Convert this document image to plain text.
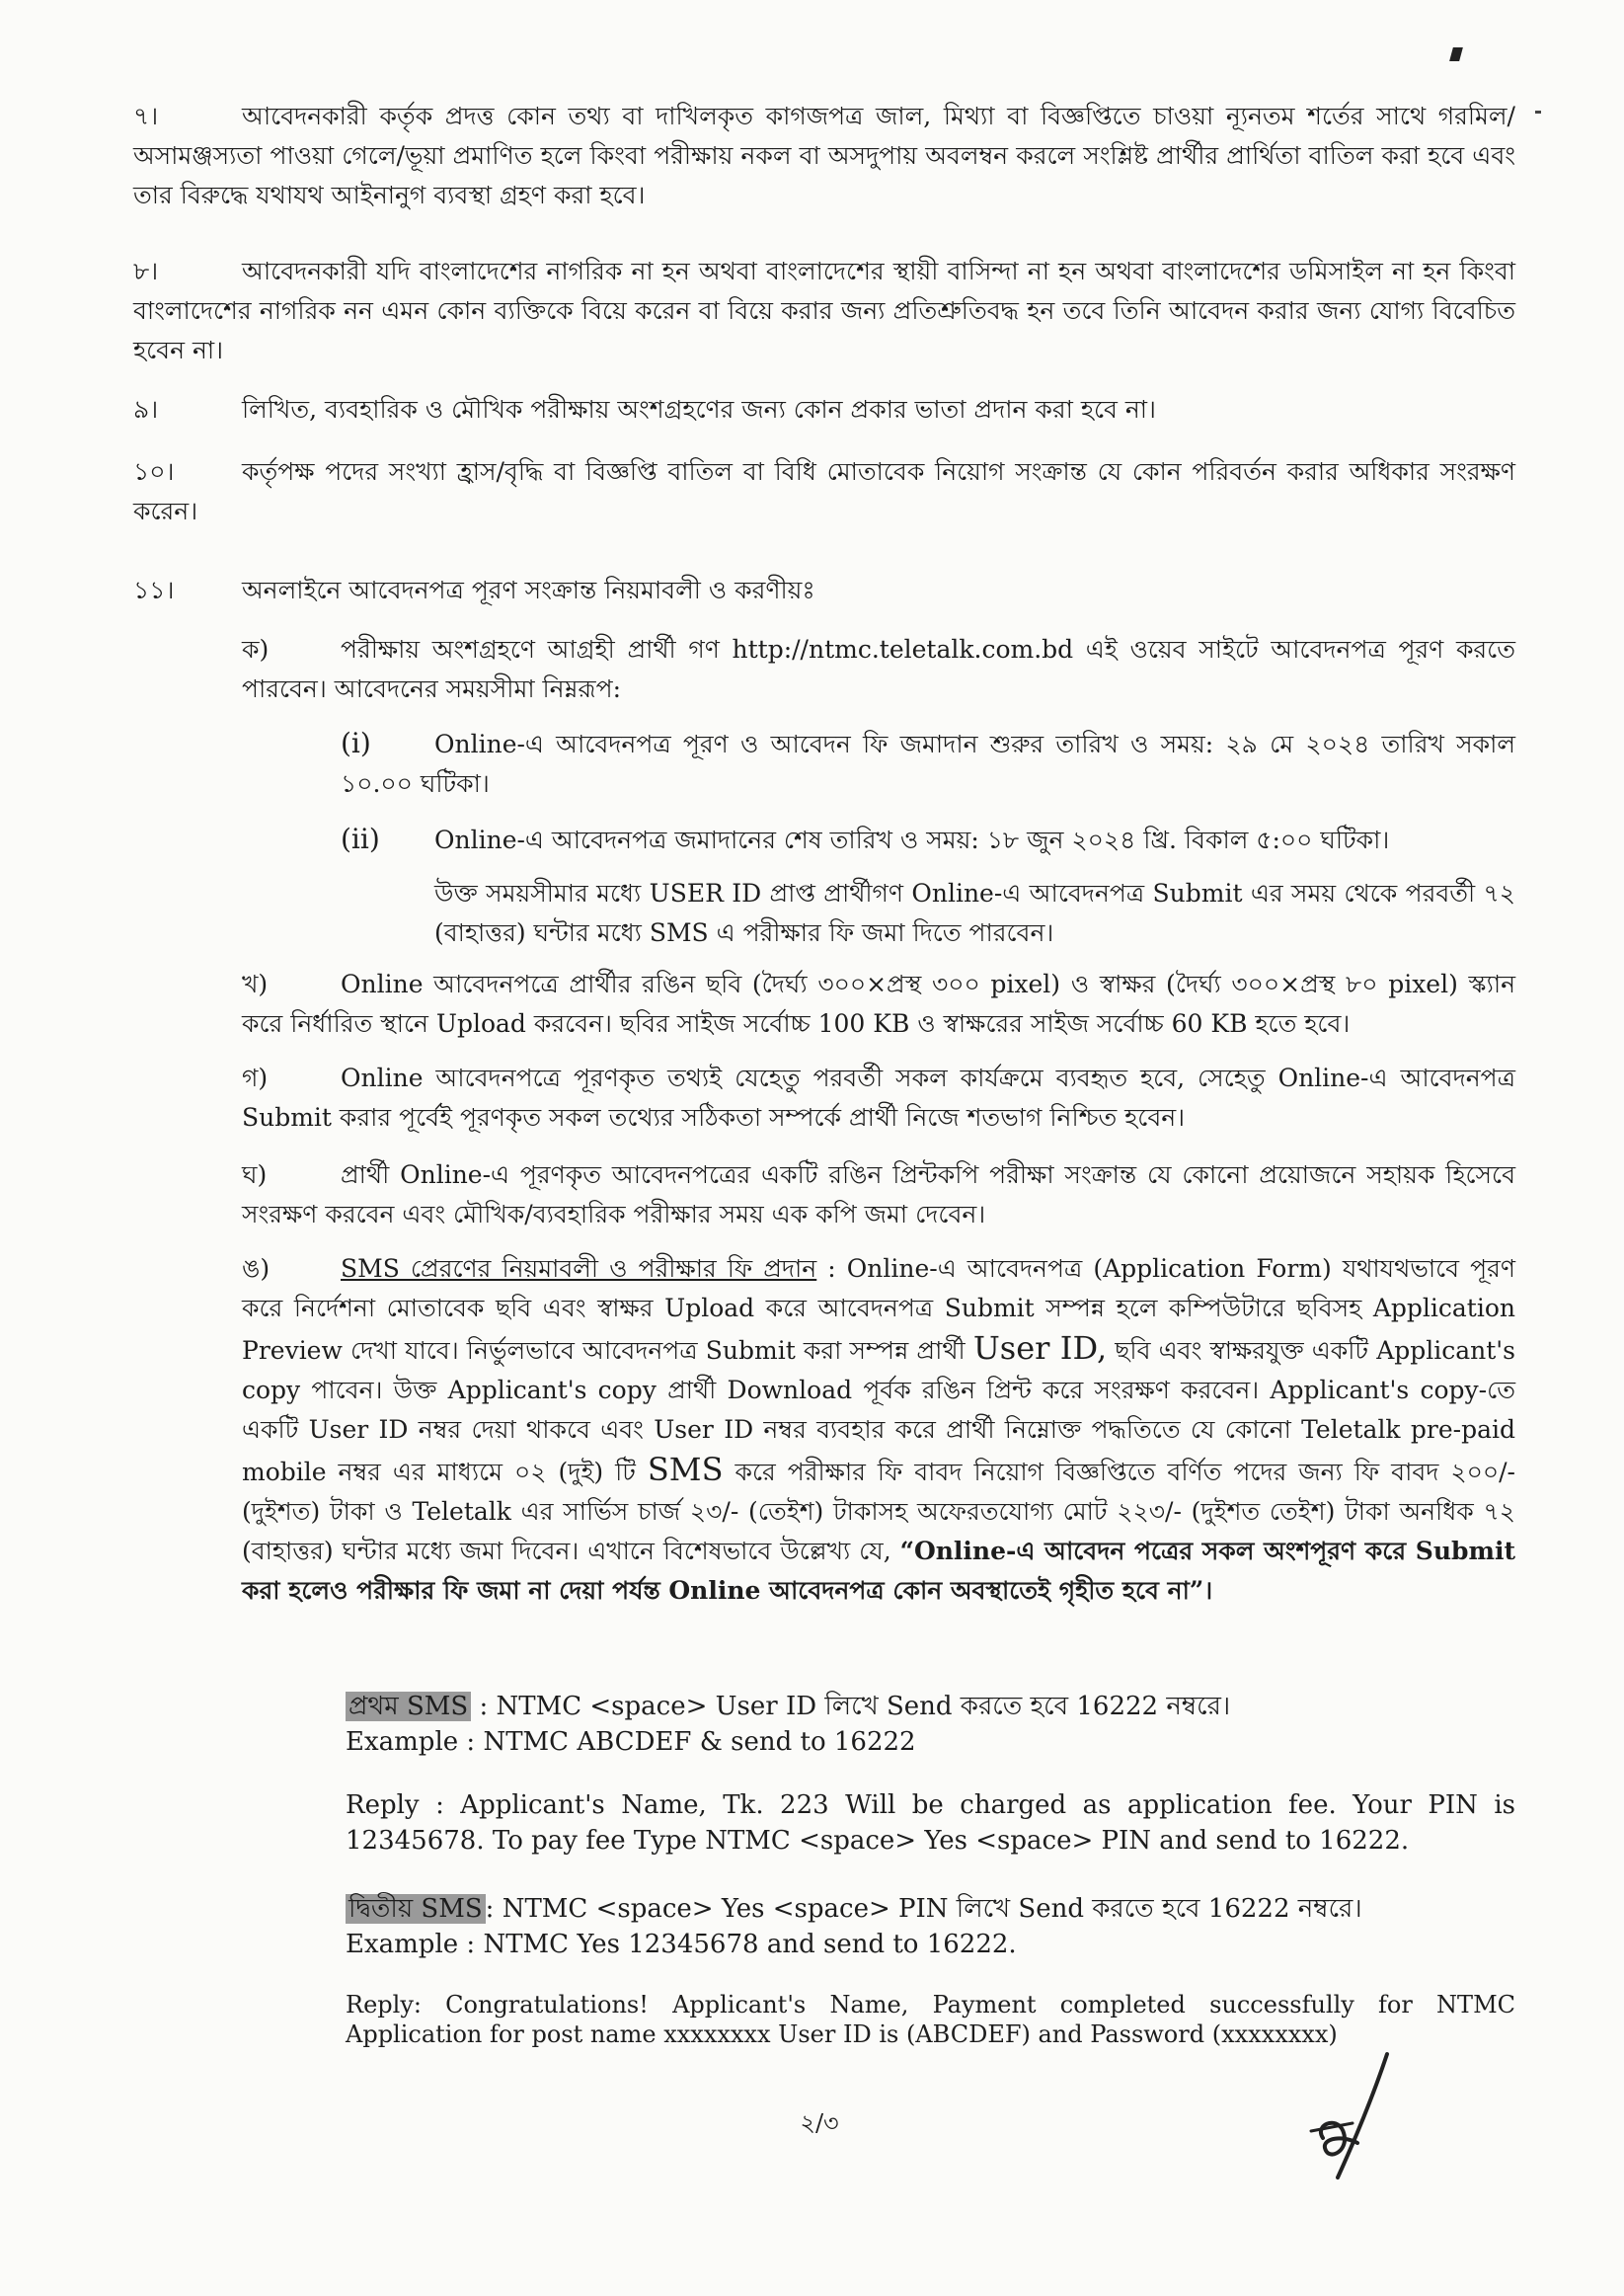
৭।	আবেদনকারী কর্তৃক প্রদত্ত কোন তথ্য বা দাখিলকৃত কাগজপত্র জাল, মিথ্যা বা বিজ্ঞপ্তিতে চাওয়া ন্যূনতম শর্তের সাথে গরমিল/অসামঞ্জস্যতা পাওয়া গেলে/ভূয়া প্রমাণিত হলে কিংবা পরীক্ষায় নকল বা অসদুপায় অবলম্বন করলে সংশ্লিষ্ট প্রার্থীর প্রার্থিতা বাতিল করা হবে এবং তার বিরুদ্ধে যথাযথ আইনানুগ ব্যবস্থা গ্রহণ করা হবে।
৮।	আবেদনকারী যদি বাংলাদেশের নাগরিক না হন অথবা বাংলাদেশের স্থায়ী বাসিন্দা না হন অথবা বাংলাদেশের ডমিসাইল না হন কিংবা বাংলাদেশের নাগরিক নন এমন কোন ব্যক্তিকে বিয়ে করেন বা বিয়ে করার জন্য প্রতিশ্রুতিবদ্ধ হন তবে তিনি আবেদন করার জন্য যোগ্য বিবেচিত হবেন না।
৯।	লিখিত, ব্যবহারিক ও মৌখিক পরীক্ষায় অংশগ্রহণের জন্য কোন প্রকার ভাতা প্রদান করা হবে না।
১০।	কর্তৃপক্ষ পদের সংখ্যা হ্রাস/বৃদ্ধি বা বিজ্ঞপ্তি বাতিল বা বিধি মোতাবেক নিয়োগ সংক্রান্ত যে কোন পরিবর্তন করার অধিকার সংরক্ষণ করেন।
১১।	অনলাইনে আবেদনপত্র পূরণ সংক্রান্ত নিয়মাবলী ও করণীয়ঃ
ক)	পরীক্ষায় অংশগ্রহণে আগ্রহী প্রার্থী গণ http://ntmc.teletalk.com.bd এই ওয়েব সাইটে আবেদনপত্র পূরণ করতে পারবেন। আবেদনের সময়সীমা নিম্নরূপ:
(i)	Online-এ আবেদনপত্র পূরণ ও আবেদন ফি জমাদান শুরুর তারিখ ও সময়: ২৯ মে ২০২৪ তারিখ সকাল ১০.০০ ঘটিকা।
(ii) Online-এ আবেদনপত্র জমাদানের শেষ তারিখ ও সময়: ১৮ জুন ২০২৪ খ্রি. বিকাল ৫:০০ ঘটিকা।
উক্ত সময়সীমার মধ্যে USER ID প্রাপ্ত প্রার্থীগণ Online-এ আবেদনপত্র Submit এর সময় থেকে পরবর্তী ৭২ (বাহাত্তর) ঘন্টার মধ্যে SMS এ পরীক্ষার ফি জমা দিতে পারবেন।
খ)	Online আবেদনপত্রে প্রার্থীর রঙিন ছবি (দৈর্ঘ্য ৩০০×প্রস্থ ৩০০ pixel) ও স্বাক্ষর (দৈর্ঘ্য ৩০০×প্রস্থ ৮০ pixel) স্ক্যান করে নির্ধারিত স্থানে Upload করবেন। ছবির সাইজ সর্বোচ্চ 100 KB ও স্বাক্ষরের সাইজ সর্বোচ্চ 60 KB হতে হবে।
গ)	Online আবেদনপত্রে পূরণকৃত তথ্যই যেহেতু পরবর্তী সকল কার্যক্রমে ব্যবহৃত হবে, সেহেতু Online-এ আবেদনপত্র Submit করার পূর্বেই পূরণকৃত সকল তথ্যের সঠিকতা সম্পর্কে প্রার্থী নিজে শতভাগ নিশ্চিত হবেন।
ঘ)	প্রার্থী Online-এ পূরণকৃত আবেদনপত্রের একটি রঙিন প্রিন্টকপি পরীক্ষা সংক্রান্ত যে কোনো প্রয়োজনে সহায়ক হিসেবে সংরক্ষণ করবেন এবং মৌখিক/ব্যবহারিক পরীক্ষার সময় এক কপি জমা দেবেন।
ঙ)	SMS প্রেরণের নিয়মাবলী ও পরীক্ষার ফি প্রদান : Online-এ আবেদনপত্র (Application Form) যথাযথভাবে পূরণ করে নির্দেশনা মোতাবেক ছবি এবং স্বাক্ষর Upload করে আবেদনপত্র Submit সম্পন্ন হলে কম্পিউটারে ছবিসহ Application Preview দেখা যাবে। নির্ভুলভাবে আবেদনপত্র Submit করা সম্পন্ন প্রার্থী User ID, ছবি এবং স্বাক্ষরযুক্ত একটি Applicant's copy পাবেন। উক্ত Applicant's copy প্রার্থী Download পূর্বক রঙিন প্রিন্ট করে সংরক্ষণ করবেন। Applicant's copy-তে একটি User ID নম্বর দেয়া থাকবে এবং User ID নম্বর ব্যবহার করে প্রার্থী নিম্নোক্ত পদ্ধতিতে যে কোনো Teletalk pre-paid mobile নম্বর এর মাধ্যমে ০২ (দুই) টি SMS করে পরীক্ষার ফি বাবদ নিয়োগ বিজ্ঞপ্তিতে বর্ণিত পদের জন্য ফি বাবদ ২০০/- (দুইশত) টাকা ও Teletalk এর সার্ভিস চার্জ ২৩/- (তেইশ) টাকাসহ অফেরতযোগ্য মোট ২২৩/- (দুইশত তেইশ) টাকা অনধিক ৭২ (বাহাত্তর) ঘন্টার মধ্যে জমা দিবেন। এখানে বিশেষভাবে উল্লেখ্য যে, “Online-এ আবেদন পত্রের সকল অংশপূরণ করে Submit করা হলেও পরীক্ষার ফি জমা না দেয়া পর্যন্ত Online আবেদনপত্র কোন অবস্থাতেই গৃহীত হবে না”।
প্রথম SMS : NTMC <space> User ID লিখে Send করতে হবে 16222 নম্বরে।
Example : NTMC ABCDEF & send to 16222
Reply : Applicant's Name, Tk. 223 Will be charged as application fee. Your PIN is 12345678. To pay fee Type NTMC <space> Yes <space> PIN and send to 16222.
দ্বিতীয় SMS : NTMC <space> Yes <space> PIN লিখে Send করতে হবে 16222 নম্বরে।
Example : NTMC Yes 12345678 and send to 16222.
Reply: Congratulations! Applicant's Name, Payment completed successfully for NTMC Application for post name xxxxxxxx User ID is (ABCDEF) and Password (xxxxxxxx)
২/৩
